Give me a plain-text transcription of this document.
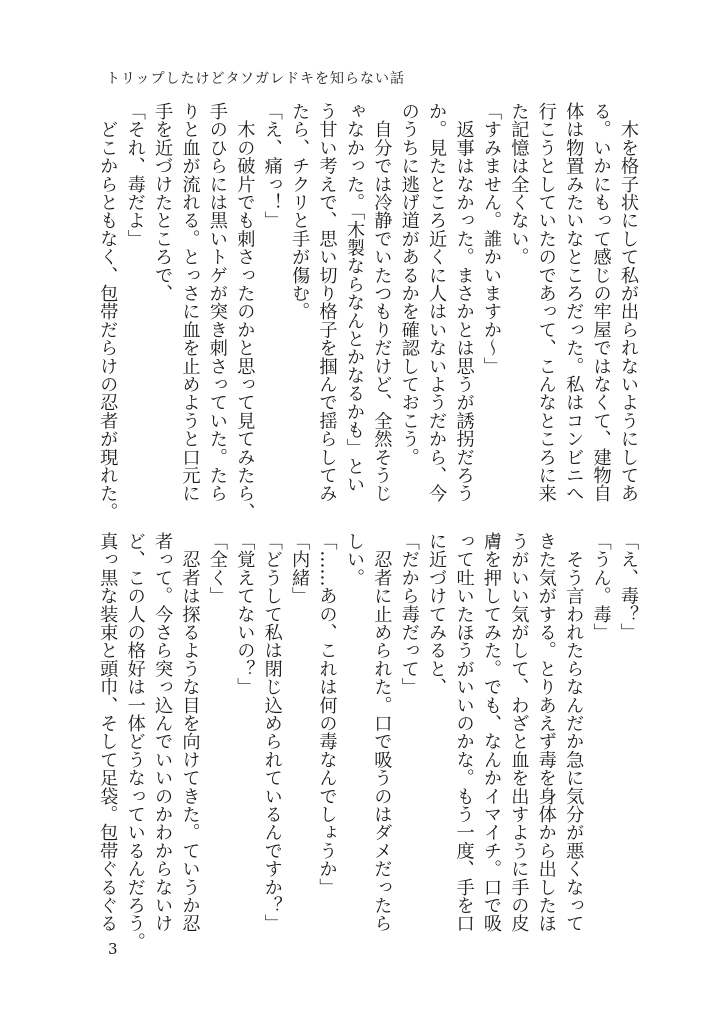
トリップしたけどタソガレドキを知らない話
　木を格子状にして私が出られないようにしてあ
る。いかにもって感じの牢屋ではなくて、建物自
体は物置みたいなところだった。私はコンビニへ
行こうとしていたのであって、こんなところに来
た記憶は全くない。
「すみません。誰かいますか〜」
　返事はなかった。まさかとは思うが誘拐だろう
か。見たところ近くに人はいないようだから、今
のうちに逃げ道があるかを確認しておこう。
　自分では冷静でいたつもりだけど、全然そうじ
ゃなかった。「木製ならなんとかなるかも」とい
う甘い考えで、思い切り格子を掴んで揺らしてみ
たら、チクリと手が傷む。
「え、痛っ！」
　木の破片でも刺さったのかと思って見てみたら、
手のひらには黒いトゲが突き刺さっていた。たら
りと血が流れる。とっさに血を止めようと口元に
手を近づけたところで、
「それ、毒だよ」
　どこからともなく、包帯だらけの忍者が現れた。
「え、毒？」
「うん。毒」
　そう言われたらなんだか急に気分が悪くなって
きた気がする。とりあえず毒を身体から出したほ
うがいい気がして、わざと血を出すように手の皮
膚を押してみた。でも、なんかイマイチ。口で吸
って吐いたほうがいいのかな。もう一度、手を口
に近づけてみると、
「だから毒だって」
　忍者に止められた。口で吸うのはダメだったら
しい。
「……あの、これは何の毒なんでしょうか」
「内緒」
「どうして私は閉じ込められているんですか？」
「覚えてないの？」
「全く」
　忍者は探るような目を向けてきた。ていうか忍
者って。今さら突っ込んでいいのかわからないけ
ど、この人の格好は一体どうなっているんだろう。
真っ黒な装束と頭巾、そして足袋。包帯ぐるぐる
3
